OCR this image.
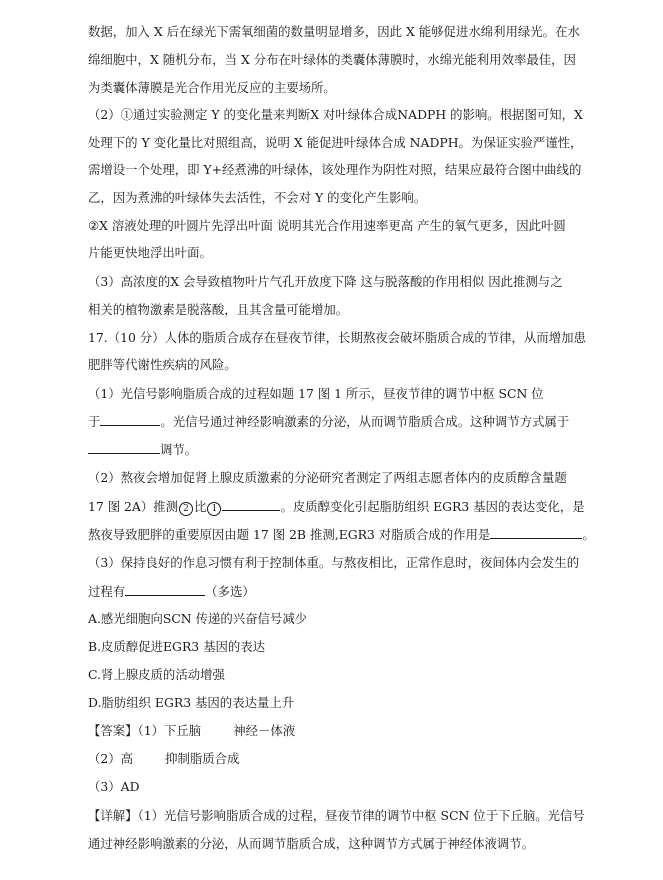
数据，加入 X 后在绿光下需氧细菌的数量明显增多，因此 X 能够促进水绵利用绿光。在水
绵细胞中，X 随机分布，当 X 分布在叶绿体的类囊体薄膜时，水绵光能利用效率最佳，因
为类囊体薄膜是光合作用光反应的主要场所。
（2）①通过实验测定 Y 的变化量来判断X 对叶绿体合成NADPH 的影响。根据图可知，X
处理下的 Y 变化量比对照组高，说明 X 能促进叶绿体合成 NADPH。为保证实验严谨性，
需增设一个处理，即 Y+经煮沸的叶绿体，该处理作为阴性对照，结果应最符合图中曲线的
乙，因为煮沸的叶绿体失去活性，不会对 Y 的变化产生影响。
②X 溶液处理的叶圆片先浮出叶面 说明其光合作用速率更高 产生的氧气更多，因此叶圆
片能更快地浮出叶面。
（3）高浓度的X 会导致植物叶片气孔开放度下降 这与脱落酸的作用相似 因此推测与之
相关的植物激素是脱落酸，且其含量可能增加。
17.（10 分）人体的脂质合成存在昼夜节律，长期熬夜会破坏脂质合成的节律，从而增加患
肥胖等代谢性疾病的风险。
（1）光信号影响脂质合成的过程如题 17 图 1 所示，昼夜节律的调节中枢 SCN 位
于	。光信号通过神经影响激素的分泌，从而调节脂质合成。这种调节方式属于
调节。
（2）熬夜会增加促肾上腺皮质激素的分泌研究者测定了两组志愿者体内的皮质醇含量题
17 图 2A）推测 2 比 1	。皮质醇变化引起脂肪组织 EGR3 基因的表达变化，是
熬夜导致肥胖的重要原因由题 17 图 2B 推测,EGR3 对脂质合成的作用是	。
（3）保持良好的作息习惯有利于控制体重。与熬夜相比，正常作息时，夜间体内会发生的
过程有	（多选）
A.感光细胞向SCN 传递的兴奋信号减少
B.皮质醇促进EGR3 基因的表达
C.肾上腺皮质的活动增强
D.脂肪组织 EGR3 基因的表达量上升
【答案】（1）下丘脑	神经－体液
（2）高	抑制脂质合成
（3）AD
【详解】（1）光信号影响脂质合成的过程，昼夜节律的调节中枢 SCN 位于下丘脑。光信号
通过神经影响激素的分泌，从而调节脂质合成，这种调节方式属于神经体液调节。
